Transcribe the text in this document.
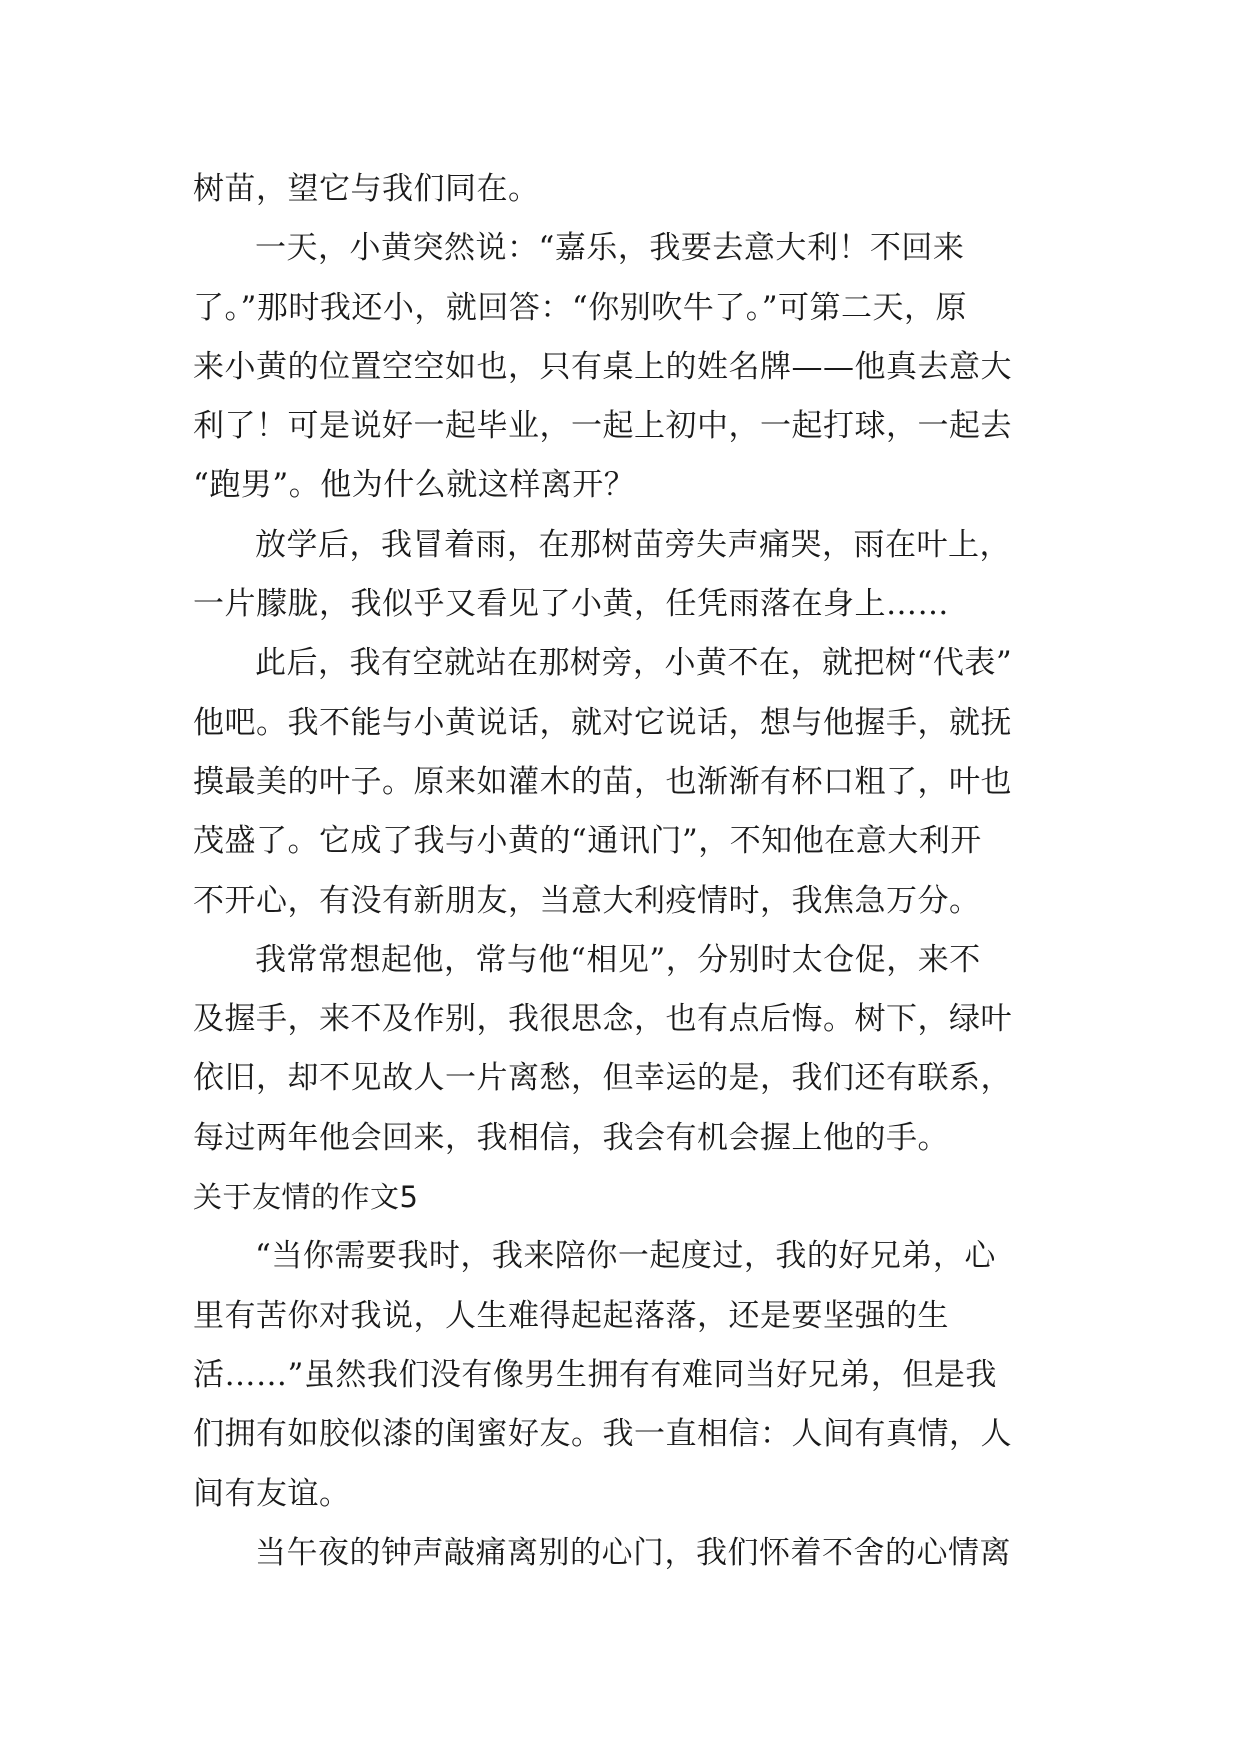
树苗，望它与我们同在。
一天，小黄突然说：“嘉乐，我要去意大利！不回来
了。”那时我还小，就回答：“你别吹牛了。”可第二天，原
来小黄的位置空空如也，只有桌上的姓名牌——他真去意大
利了！可是说好一起毕业，一起上初中，一起打球，一起去
“跑男”。他为什么就这样离开？
放学后，我冒着雨，在那树苗旁失声痛哭，雨在叶上，
一片朦胧，我似乎又看见了小黄，任凭雨落在身上……
此后，我有空就站在那树旁，小黄不在，就把树“代表”
他吧。我不能与小黄说话，就对它说话，想与他握手，就抚
摸最美的叶子。原来如灌木的苗，也渐渐有杯口粗了，叶也
茂盛了。它成了我与小黄的“通讯门”，不知他在意大利开
不开心，有没有新朋友，当意大利疫情时，我焦急万分。
我常常想起他，常与他“相见”，分别时太仓促，来不
及握手，来不及作别，我很思念，也有点后悔。树下，绿叶
依旧，却不见故人一片离愁，但幸运的是，我们还有联系，
每过两年他会回来，我相信，我会有机会握上他的手。
关于友情的作文5
“当你需要我时，我来陪你一起度过，我的好兄弟，心
里有苦你对我说，人生难得起起落落，还是要坚强的生
活……”虽然我们没有像男生拥有有难同当好兄弟，但是我
们拥有如胶似漆的闺蜜好友。我一直相信：人间有真情，人
间有友谊。
当午夜的钟声敲痛离别的心门，我们怀着不舍的心情离
